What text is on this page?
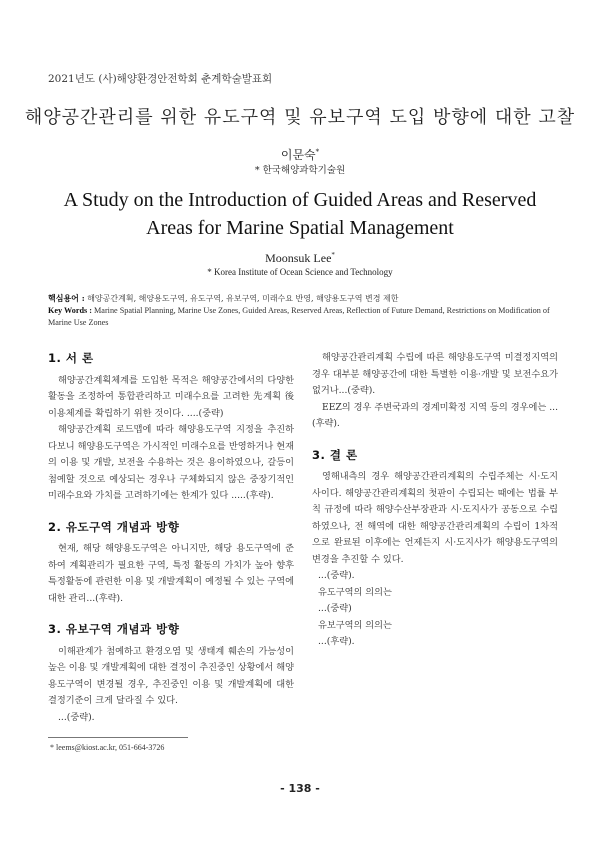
2021년도 (사)해양환경안전학회 춘계학술발표회
해양공간관리를 위한 유도구역 및 유보구역 도입 방향에 대한 고찰
이문숙*
* 한국해양과학기술원
A Study on the Introduction of Guided Areas and Reserved Areas for Marine Spatial Management
Moonsuk Lee*
* Korea Institute of Ocean Science and Technology
핵심용어 : 해양공간계획, 해양용도구역, 유도구역, 유보구역, 미래수요 반영, 해양용도구역 변경 제한
Key Words : Marine Spatial Planning, Marine Use Zones, Guided Areas, Reserved Areas, Reflection of Future Demand, Restrictions on Modification of Marine Use Zones
1. 서 론

해양공간계획체계를 도입한 목적은 해양공간에서의 다양한 활동을 조정하여 통합관리하고 미래수요를 고려한 先계획 後이용체계를 확립하기 위한 것이다. ....(중략)

해양공간계획 로드맵에 따라 해양용도구역 지정을 추진하다보니 해양용도구역은 가시적인 미래수요를 반영하거나 현재의 이용 및 개발, 보전을 수용하는 것은 용이하였으나, 갈등이 첨예할 것으로 예상되는 경우나 구체화되지 않은 중장기적인 미래수요와 가치를 고려하기에는 한계가 있다 .....(후략).

2. 유도구역 개념과 방향

현재, 해당 해양용도구역은 아니지만, 해당 용도구역에 준하여 계획관리가 필요한 구역, 특정 활동의 가치가 높아 향후 특정활동에 관련한 이용 및 개발계획이 예정될 수 있는 구역에 대한 관리...(후략).

3. 유보구역 개념과 방향

이해관계가 첨예하고 환경오염 및 생태계 훼손의 가능성이 높은 이용 및 개발계획에 대한 결정이 추진중인 상황에서 해양용도구역이 변경될 경우, 추진중인 이용 및 개발계획에 대한 결정기준이 크게 달라질 수 있다.

...(중략).

해양공간관리계획 수립에 따른 해양용도구역 미결정지역의 경우 대부분 해양공간에 대한 특별한 이용·개발 및 보전수요가 없거나...(중략).

EEZ의 경우 주변국과의 경계미확정 지역 등의 경우에는 ...(후략).

3. 결 론

영해내측의 경우 해양공간관리계획의 수립주체는 시·도지사이다. 해양공간관리계획의 첫판이 수립되는 때에는 법률 부칙 규정에 따라 해양수산부장관과 시·도지사가 공동으로 수립하였으나, 전 해역에 대한 해양공간관리계획의 수립이 1차적으로 완료된 이후에는 언제든지 시·도지사가 해양용도구역의 변경을 추진할 수 있다.

...(중략).

유도구역의 의의는

...(중략)

유보구역의 의의는

...(후략).

* leems@kiost.ac.kr, 051-664-3726
- 138 -
